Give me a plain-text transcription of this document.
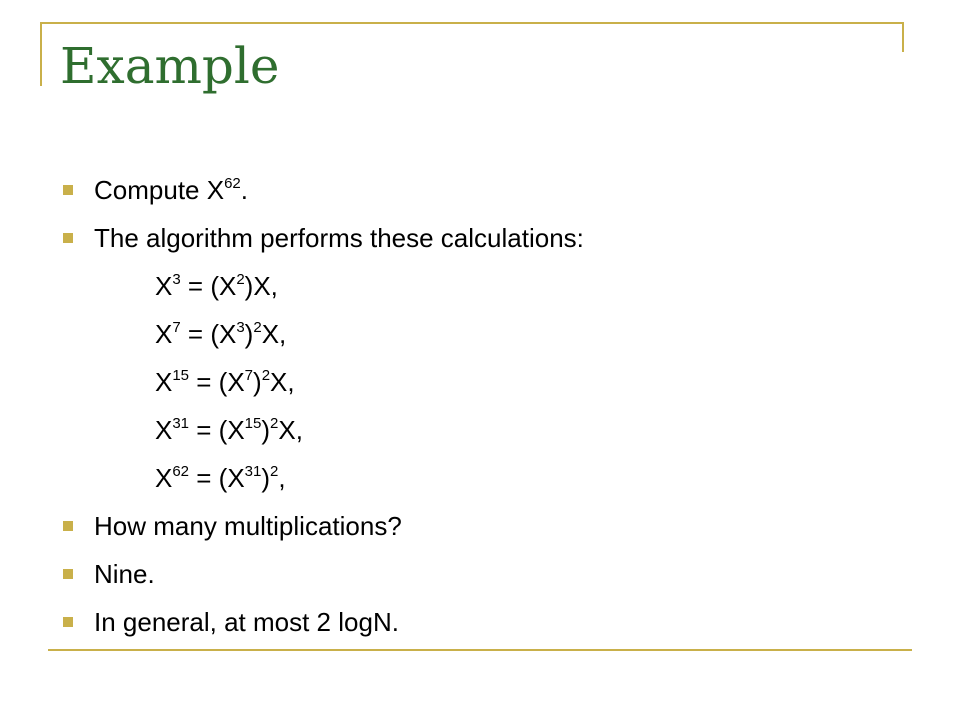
Example
Compute $X^{62}$.
The algorithm performs these calculations:
$X^3 = (X^2)X$,
$X^7 = (X^3)^2X$,
$X^{15} = (X^7)^2X$,
$X^{31} = (X^{15})^2X$,
$X^{62} = (X^{31})^2$,
How many multiplications?
Nine.
In general, at most 2 logN.
